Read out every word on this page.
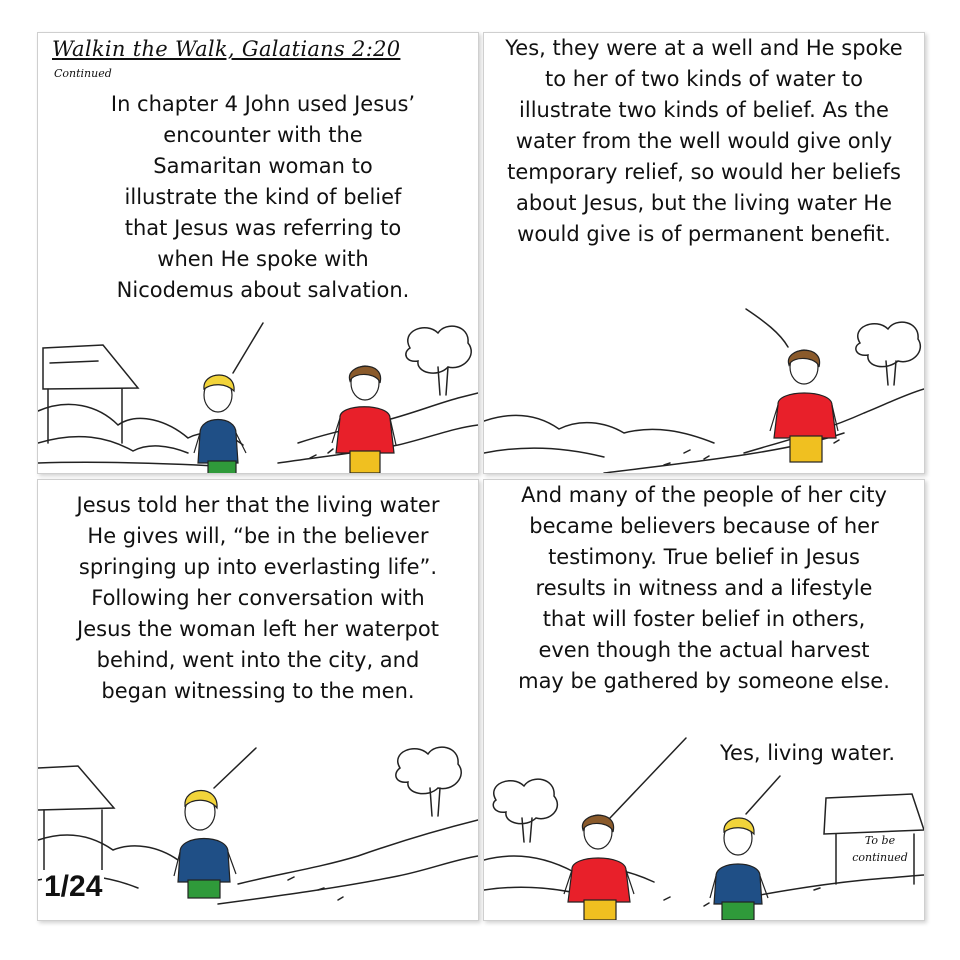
Walkin the Walk, Galatians 2:20
Continued

In chapter 4 John used Jesus’ encounter with the Samaritan woman to illustrate the kind of belief that Jesus was referring to when He spoke with Nicodemus about salvation.

Yes, they were at a well and He spoke to her of two kinds of water to illustrate two kinds of belief. As the water from the well would give only temporary relief, so would her beliefs about Jesus, but the living water He would give is of permanent benefit.

Jesus told her that the living water He gives will, “be in the believer springing up into everlasting life”. Following her conversation with Jesus the woman left her waterpot behind, went into the city, and began witnessing to the men.

1/24

And many of the people of her city became believers because of her testimony. True belief in Jesus results in witness and a lifestyle that will foster belief in others, even though the actual harvest may be gathered by someone else.

Yes, living water.
To be continued
